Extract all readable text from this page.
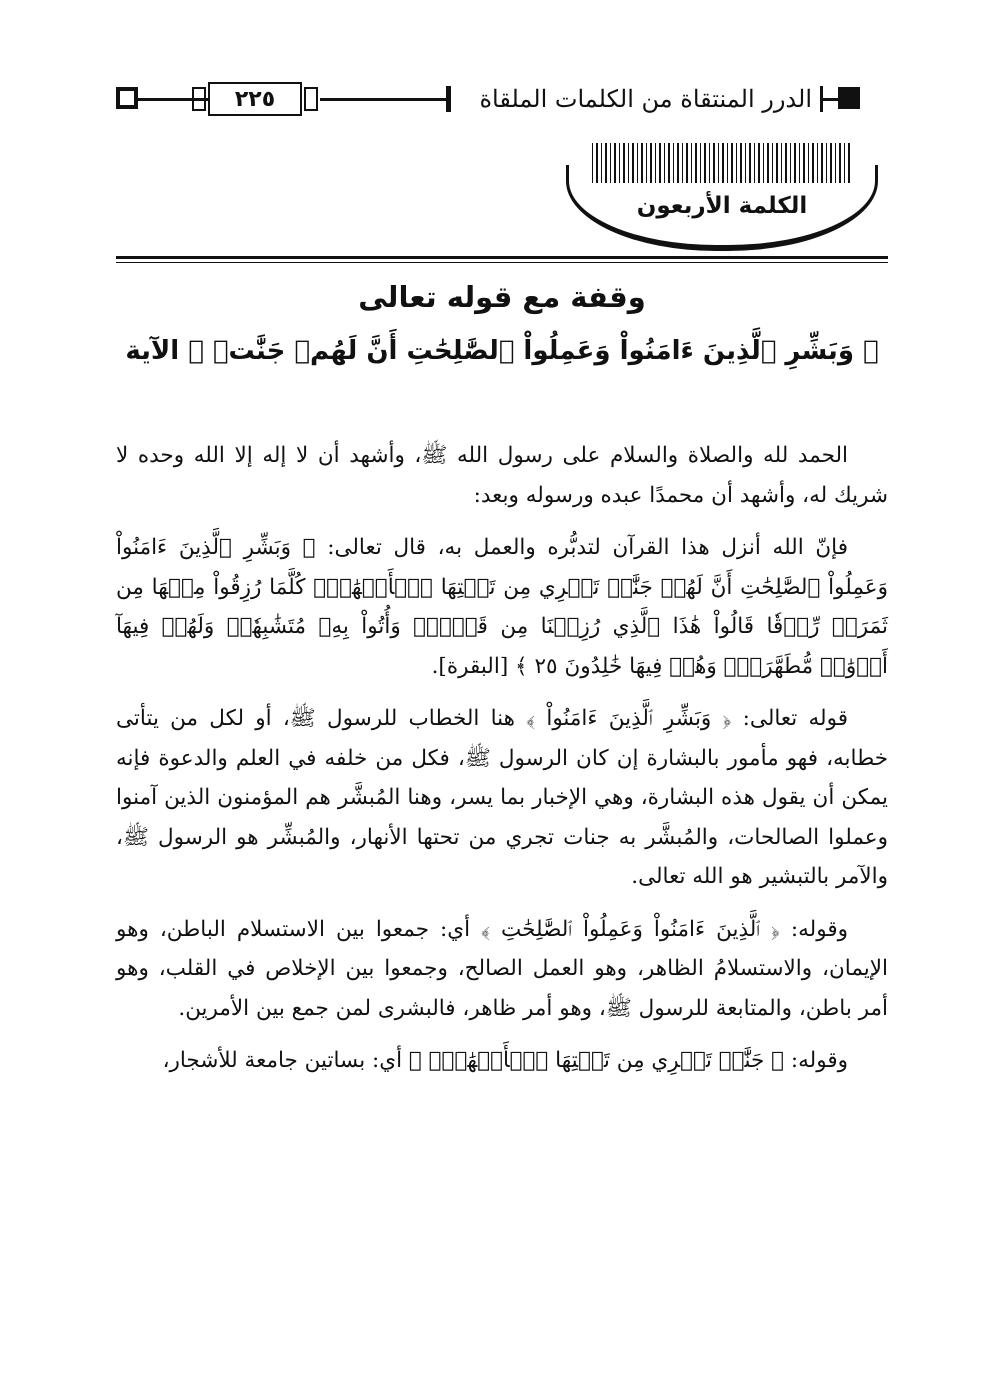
٢٢٥	الدرر المنتقاة من الكلمات الملقاة
الكلمة الأربعون
وقفة مع قوله تعالى
﴿ وَبَشِّرِ ٱلَّذِينَ ءَامَنُواْ وَعَمِلُواْ ٱلصَّٰلِحَٰتِ أَنَّ لَهُمۡ جَنَّٰتٖ ﴾ الآية

الحمد لله والصلاة والسلام على رسول الله ﷺ، وأشهد أن لا إله إلا الله وحده لا شريك له، وأشهد أن محمدًا عبده ورسوله وبعد:

فإنّ الله أنزل هذا القرآن لتدبُّره والعمل به، قال تعالى: ﴿ وَبَشِّرِ ٱلَّذِينَ ءَامَنُواْ وَعَمِلُواْ ٱلصَّٰلِحَٰتِ أَنَّ لَهُمۡ جَنَّٰتٖ تَجۡرِي مِن تَحۡتِهَا ٱلۡأَنۡهَٰرُۖ كُلَّمَا رُزِقُواْ مِنۡهَا مِن ثَمَرَةٖ رِّزۡقٗا قَالُواْ هَٰذَا ٱلَّذِي رُزِقۡنَا مِن قَبۡلُۖ وَأُتُواْ بِهِۦ مُتَشَٰبِهٗاۖ وَلَهُمۡ فِيهَآ أَزۡوَٰجٞ مُّطَهَّرَةٞۖ وَهُمۡ فِيهَا خَٰلِدُونَ ٢٥ ﴾ [البقرة].

قوله تعالى: ﴿ وَبَشِّرِ ٱلَّذِينَ ءَامَنُواْ ﴾ هنا الخطاب للرسول ﷺ، أو لكل من يتأتى خطابه، فهو مأمور بالبشارة إن كان الرسول ﷺ، فكل من خلفه في العلم والدعوة فإنه يمكن أن يقول هذه البشارة، وهي الإخبار بما يسر، وهنا المُبشَّر هم المؤمنون الذين آمنوا وعملوا الصالحات، والمُبشَّر به جنات تجري من تحتها الأنهار، والمُبشِّر هو الرسول ﷺ، والآمر بالتبشير هو الله تعالى.

وقوله: ﴿ ٱلَّذِينَ ءَامَنُواْ وَعَمِلُواْ ٱلصَّٰلِحَٰتِ ﴾ أي: جمعوا بين الاستسلام الباطن، وهو الإيمان، والاستسلامُ الظاهر، وهو العمل الصالح، وجمعوا بين الإخلاص في القلب، وهو أمر باطن، والمتابعة للرسول ﷺ، وهو أمر ظاهر، فالبشرى لمن جمع بين الأمرين.

وقوله: ﴿ جَنَّٰتٖ تَجۡرِي مِن تَحۡتِهَا ٱلۡأَنۡهَٰرُۖ ﴾ أي: بساتين جامعة للأشجار،
